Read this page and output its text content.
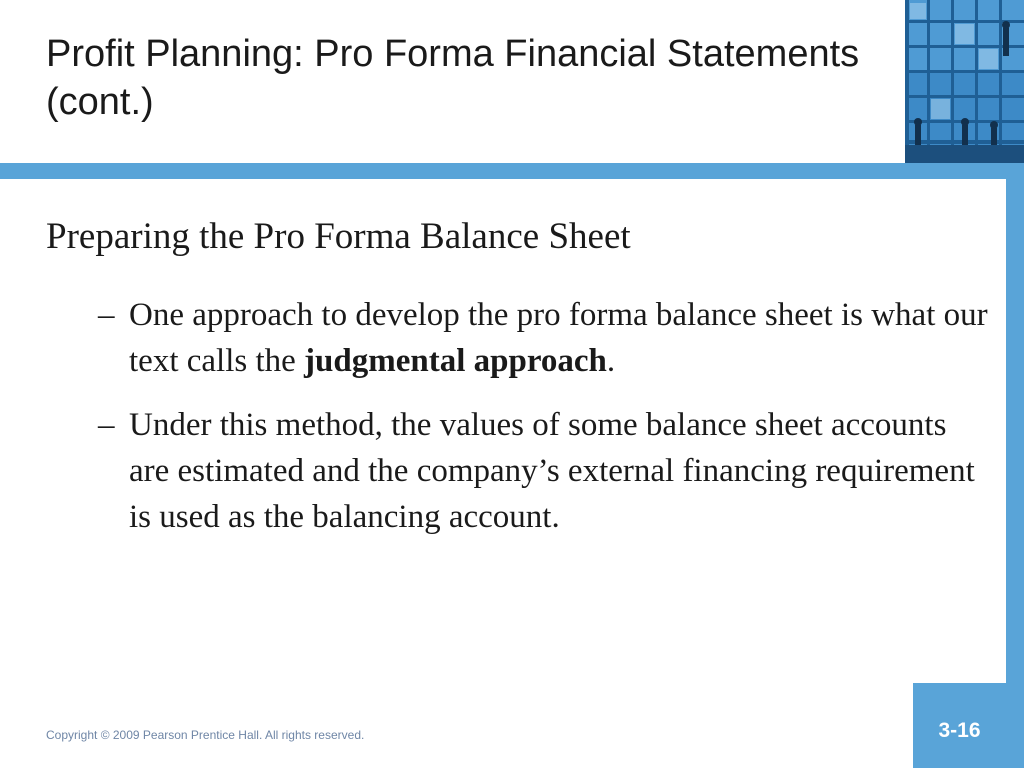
Profit Planning: Pro Forma Financial Statements (cont.)

Preparing the Pro Forma Balance Sheet

– One approach to develop the pro forma balance sheet is what our text calls the judgmental approach.
– Under this method, the values of some balance sheet accounts are estimated and the company’s external financing requirement is used as the balancing account.
Copyright © 2009 Pearson Prentice Hall. All rights reserved.	3-16
